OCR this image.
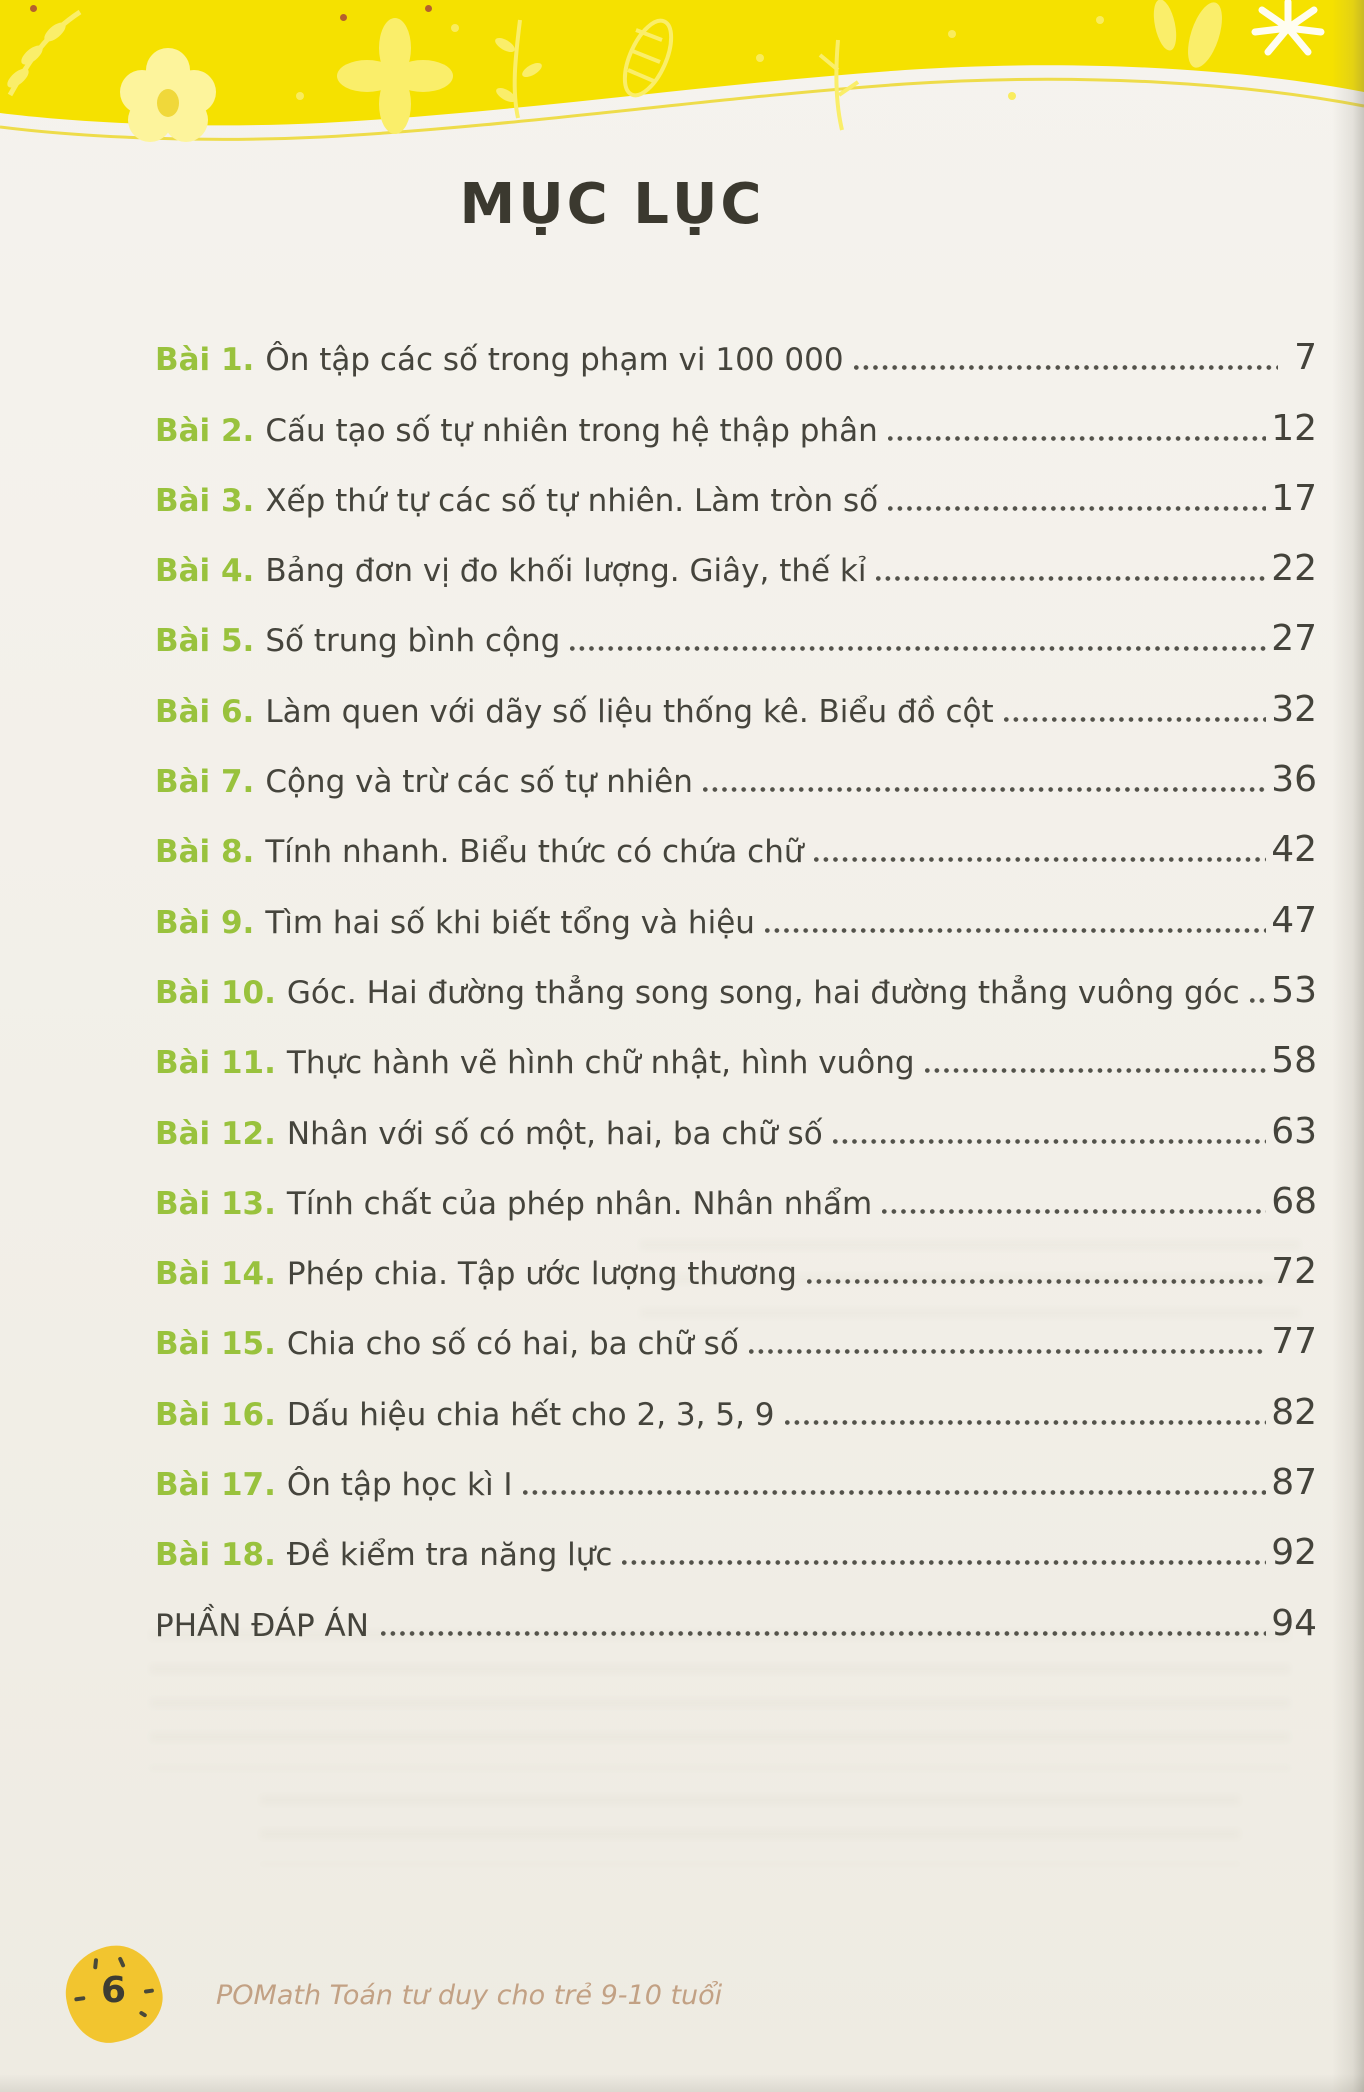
MỤC LỤC
Bài 1. Ôn tập các số trong phạm vi 100 000	7
Bài 2. Cấu tạo số tự nhiên trong hệ thập phân	12
Bài 3. Xếp thứ tự các số tự nhiên. Làm tròn số	17
Bài 4. Bảng đơn vị đo khối lượng. Giây, thế kỉ	22
Bài 5. Số trung bình cộng	27
Bài 6. Làm quen với dãy số liệu thống kê. Biểu đồ cột	32
Bài 7. Cộng và trừ các số tự nhiên	36
Bài 8. Tính nhanh. Biểu thức có chứa chữ	42
Bài 9. Tìm hai số khi biết tổng và hiệu	47
Bài 10. Góc. Hai đường thẳng song song, hai đường thẳng vuông góc 53
Bài 11. Thực hành vẽ hình chữ nhật, hình vuông	58
Bài 12. Nhân với số có một, hai, ba chữ số	63
Bài 13. Tính chất của phép nhân. Nhân nhẩm	68
Bài 14. Phép chia. Tập ước lượng thương	72
Bài 15. Chia cho số có hai, ba chữ số	77
Bài 16. Dấu hiệu chia hết cho 2, 3, 5, 9	82
Bài 17. Ôn tập học kì I	87
Bài 18. Đề kiểm tra năng lực	92
PHẦN ĐÁP ÁN	94
6	POMath Toán tư duy cho trẻ 9-10 tuổi
